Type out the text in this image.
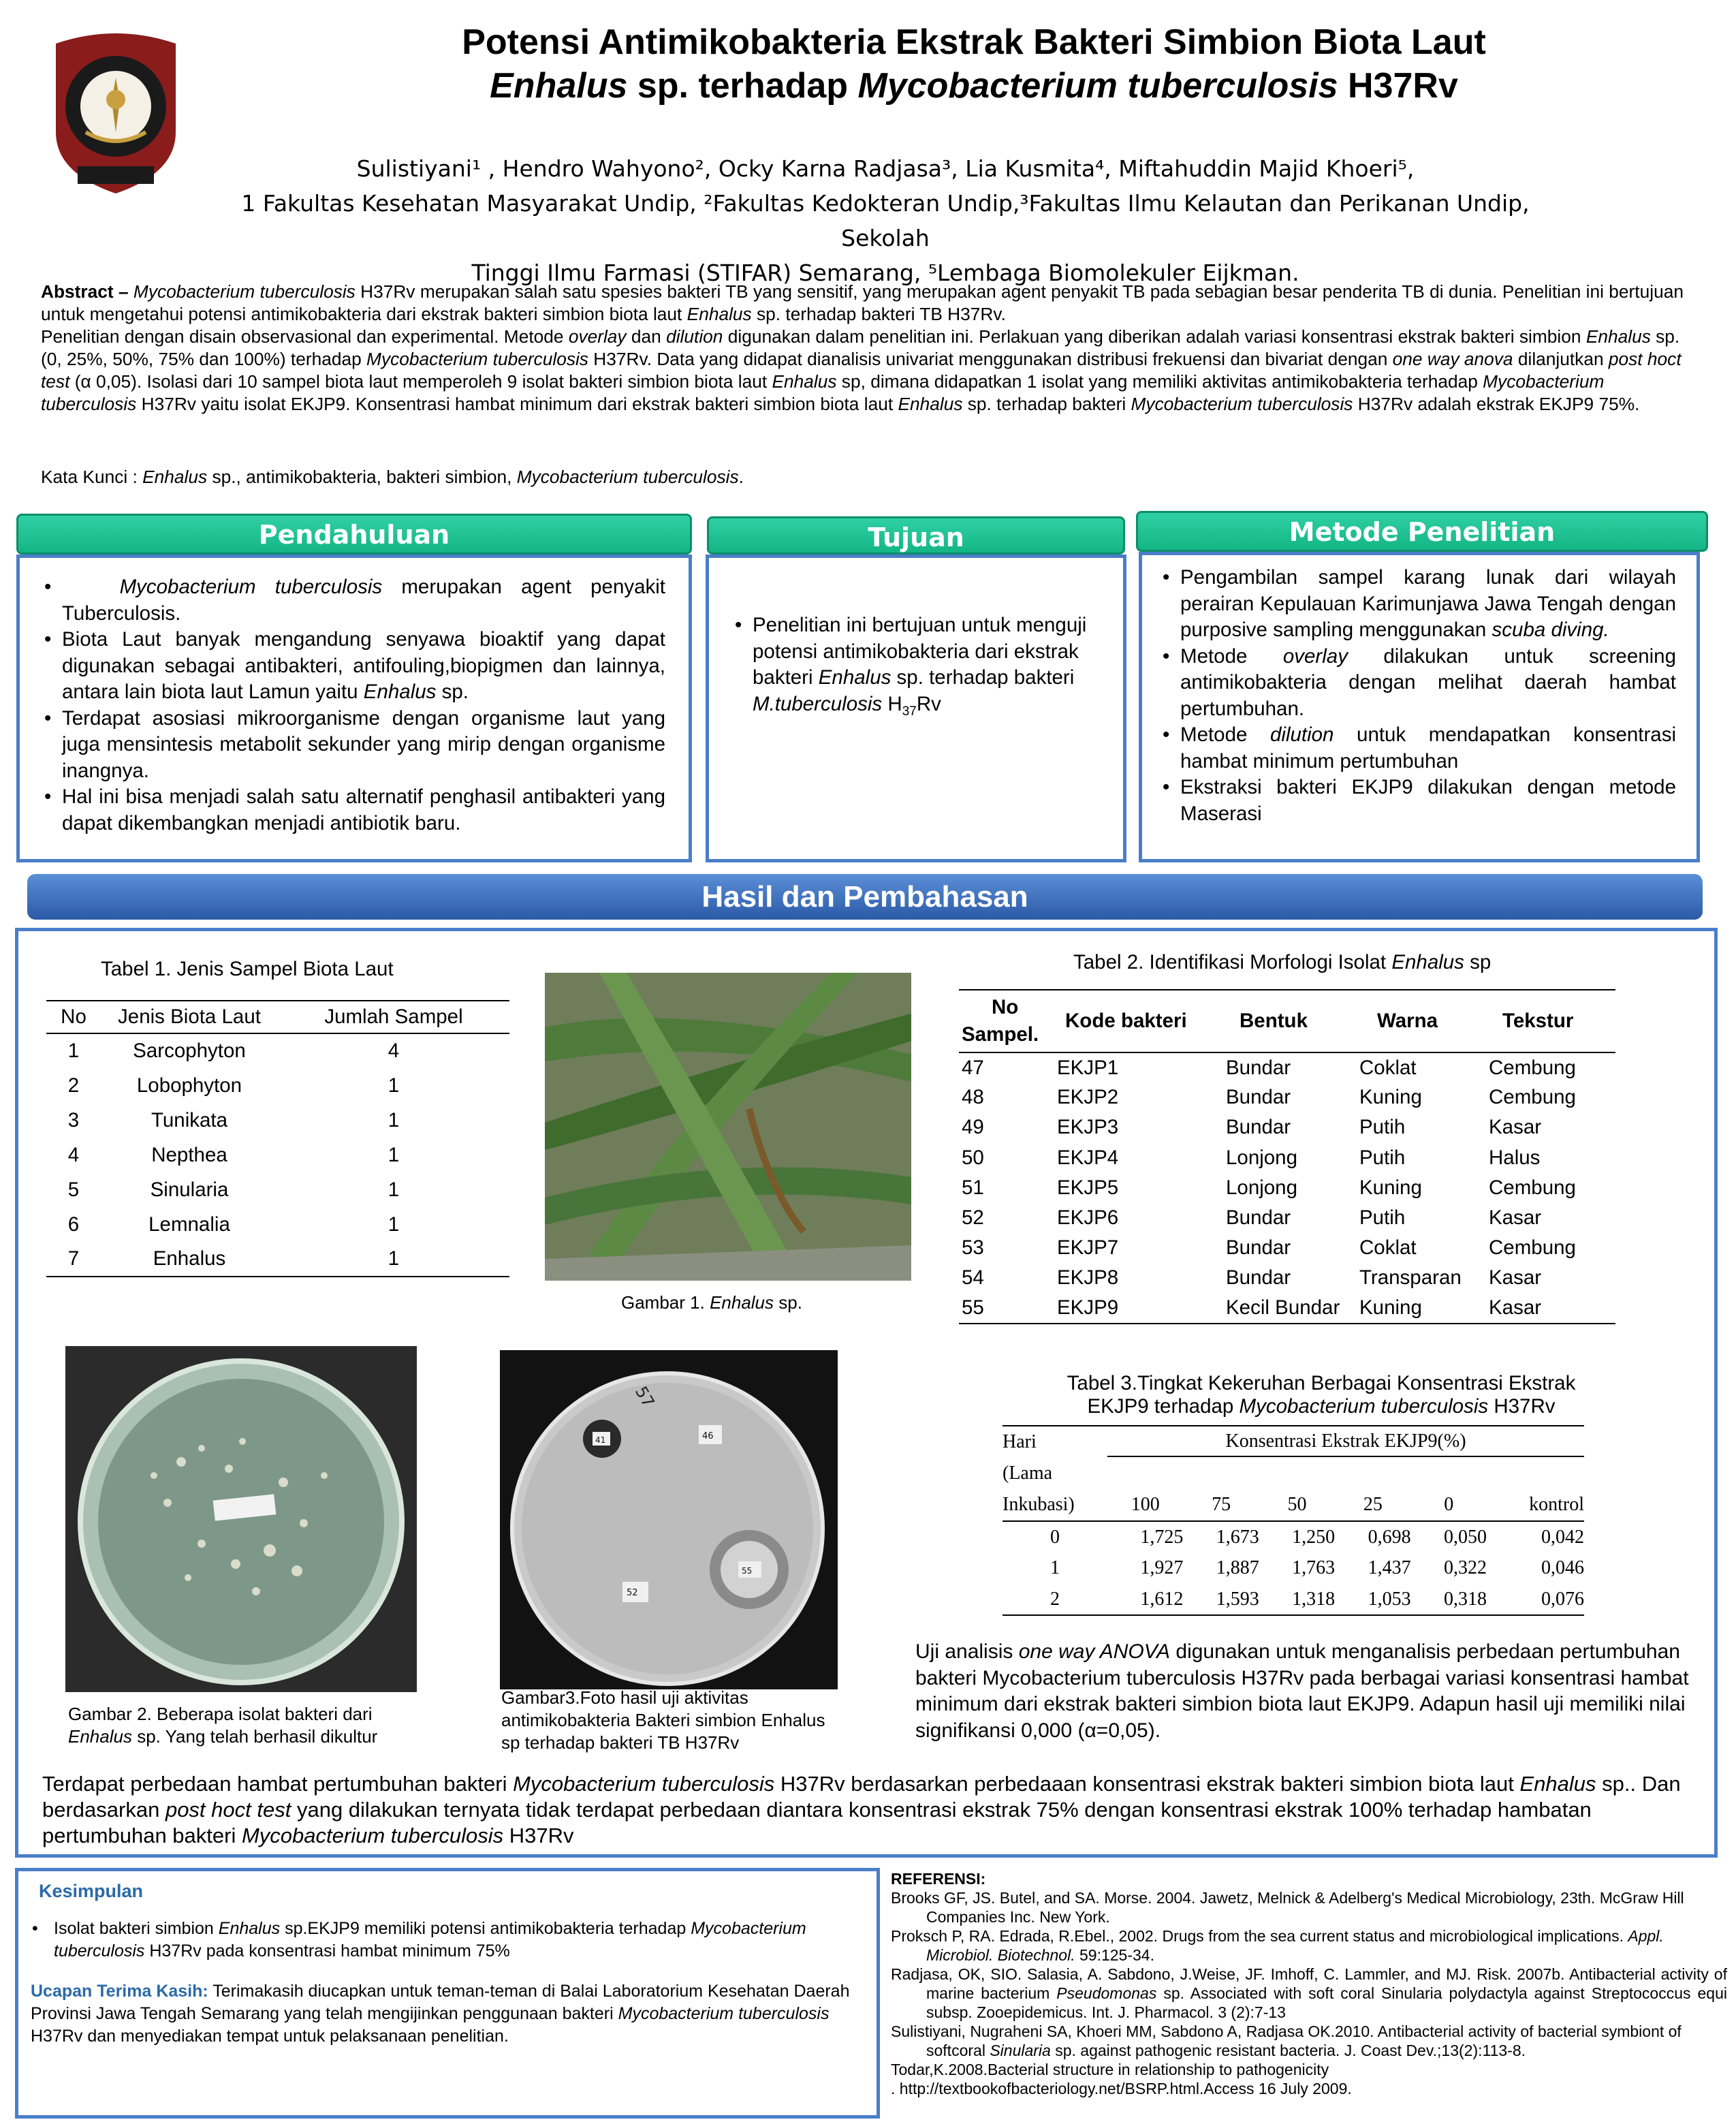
Potensi Antimikobakteria Ekstrak Bakteri Simbion Biota Laut
Enhalus sp. terhadap Mycobacterium tuberculosis H37Rv
Sulistiyani¹ , Hendro Wahyono², Ocky Karna Radjasa³, Lia Kusmita⁴, Miftahuddin Majid Khoeri⁵,
1 Fakultas Kesehatan Masyarakat Undip, ²Fakultas Kedokteran Undip,³Fakultas Ilmu Kelautan dan Perikanan Undip, Sekolah
Tinggi Ilmu Farmasi (STIFAR) Semarang, ⁵Lembaga Biomolekuler Eijkman.

Abstract – Mycobacterium tuberculosis H37Rv merupakan salah satu spesies bakteri TB yang sensitif, yang merupakan agent penyakit TB pada sebagian besar penderita TB di dunia. Penelitian ini bertujuan untuk mengetahui potensi antimikobakteria dari ekstrak bakteri simbion biota laut Enhalus sp. terhadap bakteri TB H37Rv.

Penelitian dengan disain observasional dan experimental. Metode overlay dan dilution digunakan dalam penelitian ini. Perlakuan yang diberikan adalah variasi konsentrasi ekstrak bakteri simbion Enhalus sp. (0, 25%, 50%, 75% dan 100%) terhadap Mycobacterium tuberculosis H37Rv. Data yang didapat dianalisis univariat menggunakan distribusi frekuensi dan bivariat dengan one way anova dilanjutkan post hoct test (α 0,05). Isolasi dari 10 sampel biota laut memperoleh 9 isolat bakteri simbion biota laut Enhalus sp, dimana didapatkan 1 isolat yang memiliki aktivitas antimikobakteria terhadap Mycobacterium tuberculosis H37Rv yaitu isolat EKJP9. Konsentrasi hambat minimum dari ekstrak bakteri simbion biota laut Enhalus sp. terhadap bakteri Mycobacterium tuberculosis H37Rv adalah ekstrak EKJP9 75%.

Kata Kunci : Enhalus sp., antimikobakteria, bakteri simbion, Mycobacterium tuberculosis.
Pendahuluan
• Mycobacterium tuberculosis merupakan agent penyakit Tuberculosis.
• Biota Laut banyak mengandung senyawa bioaktif yang dapat digunakan sebagai antibakteri, antifouling,biopigmen dan lainnya, antara lain biota laut Lamun yaitu Enhalus sp.
• Terdapat asosiasi mikroorganisme dengan organisme laut yang juga mensintesis metabolit sekunder yang mirip dengan organisme inangnya.
• Hal ini bisa menjadi salah satu alternatif penghasil antibakteri yang dapat dikembangkan menjadi antibiotik baru.
Tujuan
• Penelitian ini bertujuan untuk menguji potensi antimikobakteria dari ekstrak bakteri Enhalus sp. terhadap bakteri M.tuberculosis $H_{37}Rv$
Metode Penelitian
• Pengambilan sampel karang lunak dari wilayah perairan Kepulauan Karimunjawa Jawa Tengah dengan purposive sampling menggunakan scuba diving.
• Metode overlay dilakukan untuk screening antimikobakteria dengan melihat daerah hambat pertumbuhan.
• Metode dilution untuk mendapatkan konsentrasi hambat minimum pertumbuhan
• Ekstraksi bakteri EKJP9 dilakukan dengan metode Maserasi
Hasil dan Pembahasan
Tabel 1. Jenis Sampel Biota Laut
No	Jenis Biota Laut	Jumlah Sampel
1	Sarcophyton	4
2	Lobophyton	1
3	Tunikata	1
4	Nepthea	1
5	Sinularia	1
6	Lemnalia	1
7	Enhalus	1
Gambar 1. Enhalus sp.
Tabel 2. Identifikasi Morfologi Isolat Enhalus sp
No
Sampel.	Kode bakteri	Bentuk	Warna	Tekstur
47	EKJP1	Bundar	Coklat	Cembung
48	EKJP2	Bundar	Kuning	Cembung
49	EKJP3	Bundar	Putih	Kasar
50	EKJP4	Lonjong	Putih	Halus
51	EKJP5	Lonjong	Kuning	Cembung
52	EKJP6	Bundar	Putih	Kasar
53	EKJP7	Bundar	Coklat	Cembung
54	EKJP8	Bundar	Transparan	Kasar
55	EKJP9	Kecil Bundar	Kuning	Kasar
Gambar 2. Beberapa isolat bakteri dari
Enhalus sp. Yang telah berhasil dikultur
41	46
55
52
57
Gambar3.Foto hasil uji aktivitas
antimikobakteria Bakteri simbion Enhalus
sp terhadap bakteri TB H37Rv
Tabel 3.Tingkat Kekeruhan Berbagai Konsentrasi Ekstrak
EKJP9 terhadap Mycobacterium tuberculosis H37Rv
Hari
(Lama
Inkubasi)	Konsentrasi Ekstrak EKJP9(%)					

	100	75	50	25	0	kontrol
0	1,725	1,673	1,250	0,698	0,050	0,042
1	1,927	1,887	1,763	1,437	0,322	0,046
2	1,612	1,593	1,318	1,053	0,318	0,076
Uji analisis one way ANOVA digunakan untuk menganalisis perbedaan pertumbuhan bakteri Mycobacterium tuberculosis H37Rv pada berbagai variasi konsentrasi hambat minimum dari ekstrak bakteri simbion biota laut EKJP9. Adapun hasil uji memiliki nilai signifikansi 0,000 (α=0,05).
Terdapat perbedaan hambat pertumbuhan bakteri Mycobacterium tuberculosis H37Rv berdasarkan perbedaaan konsentrasi ekstrak bakteri simbion biota laut Enhalus sp.. Dan berdasarkan post hoct test yang dilakukan ternyata tidak terdapat perbedaan diantara konsentrasi ekstrak 75% dengan konsentrasi ekstrak 100% terhadap hambatan pertumbuhan bakteri Mycobacterium tuberculosis H37Rv
Kesimpulan
• Isolat bakteri simbion Enhalus sp.EKJP9 memiliki potensi antimikobakteria terhadap Mycobacterium tuberculosis H37Rv pada konsentrasi hambat minimum 75%
Ucapan Terima Kasih: Terimakasih diucapkan untuk teman-teman di Balai Laboratorium Kesehatan Daerah Provinsi Jawa Tengah Semarang yang telah mengijinkan penggunaan bakteri Mycobacterium tuberculosis H37Rv dan menyediakan tempat untuk pelaksanaan penelitian.
REFERENSI:
Brooks GF, JS. Butel, and SA. Morse. 2004. Jawetz, Melnick & Adelberg's Medical Microbiology, 23th. McGraw Hill Companies Inc. New York.
Proksch P, RA. Edrada, R.Ebel., 2002. Drugs from the sea current status and microbiological implications. Appl. Microbiol. Biotechnol. 59:125-34.
Radjasa, OK, SIO. Salasia, A. Sabdono, J.Weise, JF. Imhoff, C. Lammler, and MJ. Risk. 2007b. Antibacterial activity of marine bacterium Pseudomonas sp. Associated with soft coral Sinularia polydactyla against Streptococcus equi subsp. Zooepidemicus. Int. J. Pharmacol. 3 (2):7-13
Sulistiyani, Nugraheni SA, Khoeri MM, Sabdono A, Radjasa OK.2010. Antibacterial activity of bacterial symbiont of softcoral Sinularia sp. against pathogenic resistant bacteria. J. Coast Dev.;13(2):113-8.
Todar,K.2008.Bacterial structure in relationship to pathogenicity
. http://textbookofbacteriology.net/BSRP.html.Access 16 July 2009.
